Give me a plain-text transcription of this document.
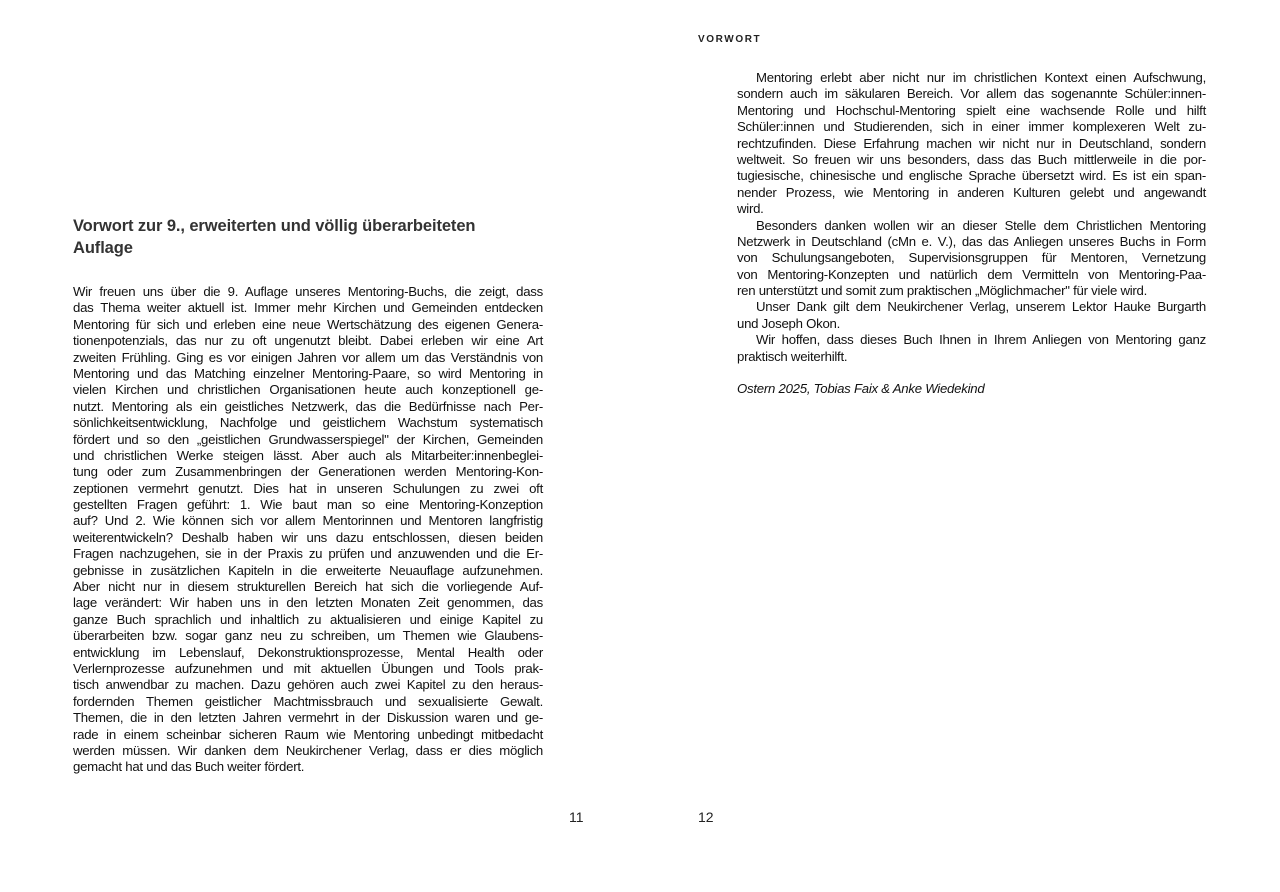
Vorwort zur 9., erweiterten und völlig überarbeiteten
Auflage
Wir freuen uns über die 9. Auflage unseres Mentoring-Buchs, die zeigt, dass
das Thema weiter aktuell ist. Immer mehr Kirchen und Gemeinden entdecken
Mentoring für sich und erleben eine neue Wertschätzung des eigenen Genera-
tionenpotenzials, das nur zu oft ungenutzt bleibt. Dabei erleben wir eine Art
zweiten Frühling. Ging es vor einigen Jahren vor allem um das Verständnis von
Mentoring und das Matching einzelner Mentoring-Paare, so wird Mentoring in
vielen Kirchen und christlichen Organisationen heute auch konzeptionell ge-
nutzt. Mentoring als ein geistliches Netzwerk, das die Bedürfnisse nach Per-
sönlichkeitsentwicklung, Nachfolge und geistlichem Wachstum systematisch
fördert und so den „geistlichen Grundwasserspiegel" der Kirchen, Gemeinden
und christlichen Werke steigen lässt. Aber auch als Mitarbeiter:innenbeglei-
tung oder zum Zusammenbringen der Generationen werden Mentoring-Kon-
zeptionen vermehrt genutzt. Dies hat in unseren Schulungen zu zwei oft
gestellten Fragen geführt: 1. Wie baut man so eine Mentoring-Konzeption
auf? Und 2. Wie können sich vor allem Mentorinnen und Mentoren langfristig
weiterentwickeln? Deshalb haben wir uns dazu entschlossen, diesen beiden
Fragen nachzugehen, sie in der Praxis zu prüfen und anzuwenden und die Er-
gebnisse in zusätzlichen Kapiteln in die erweiterte Neuauflage aufzunehmen.
Aber nicht nur in diesem strukturellen Bereich hat sich die vorliegende Auf-
lage verändert: Wir haben uns in den letzten Monaten Zeit genommen, das
ganze Buch sprachlich und inhaltlich zu aktualisieren und einige Kapitel zu
überarbeiten bzw. sogar ganz neu zu schreiben, um Themen wie Glaubens-
entwicklung im Lebenslauf, Dekonstruktionsprozesse, Mental Health oder
Verlernprozesse aufzunehmen und mit aktuellen Übungen und Tools prak-
tisch anwendbar zu machen. Dazu gehören auch zwei Kapitel zu den heraus-
fordernden Themen geistlicher Machtmissbrauch und sexualisierte Gewalt.
Themen, die in den letzten Jahren vermehrt in der Diskussion waren und ge-
rade in einem scheinbar sicheren Raum wie Mentoring unbedingt mitbedacht
werden müssen. Wir danken dem Neukirchener Verlag, dass er dies möglich
gemacht hat und das Buch weiter fördert.
11
VORWORT
Mentoring erlebt aber nicht nur im christlichen Kontext einen Aufschwung,
sondern auch im säkularen Bereich. Vor allem das sogenannte Schüler:innen-
Mentoring und Hochschul-Mentoring spielt eine wachsende Rolle und hilft
Schüler:innen und Studierenden, sich in einer immer komplexeren Welt zu-
rechtzufinden. Diese Erfahrung machen wir nicht nur in Deutschland, sondern
weltweit. So freuen wir uns besonders, dass das Buch mittlerweile in die por-
tugiesische, chinesische und englische Sprache übersetzt wird. Es ist ein span-
nender Prozess, wie Mentoring in anderen Kulturen gelebt und angewandt
wird.
Besonders danken wollen wir an dieser Stelle dem Christlichen Mentoring
Netzwerk in Deutschland (cMn e. V.), das das Anliegen unseres Buchs in Form
von Schulungsangeboten, Supervisionsgruppen für Mentoren, Vernetzung
von Mentoring-Konzepten und natürlich dem Vermitteln von Mentoring-Paa-
ren unterstützt und somit zum praktischen „Möglichmacher" für viele wird.
Unser Dank gilt dem Neukirchener Verlag, unserem Lektor Hauke Burgarth
und Joseph Okon.
Wir hoffen, dass dieses Buch Ihnen in Ihrem Anliegen von Mentoring ganz
praktisch weiterhilft.
Ostern 2025, Tobias Faix & Anke Wiedekind
12
